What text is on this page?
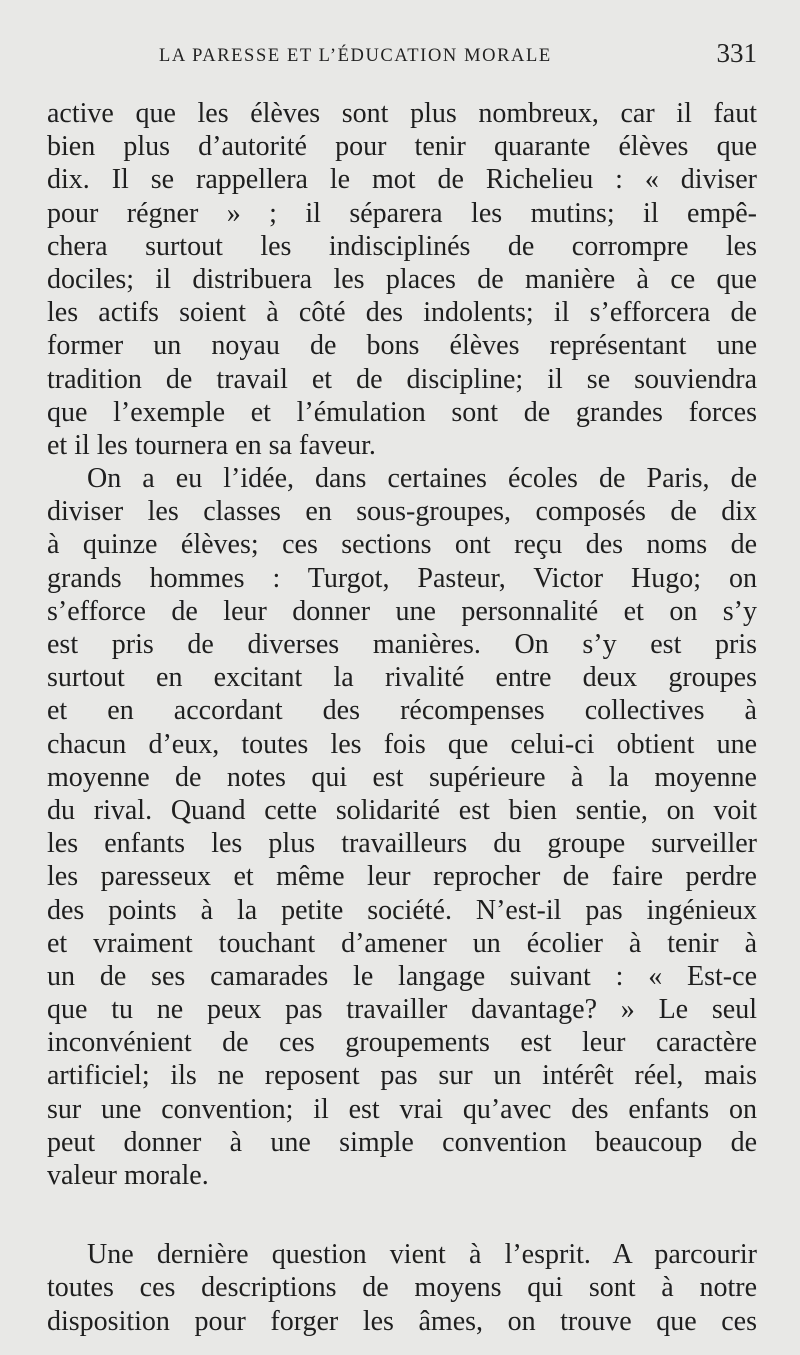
LA PARESSE ET L’ÉDUCATION MORALE	331
active que les élèves sont plus nombreux, car il faut
bien plus d’autorité pour tenir quarante élèves que
dix. Il se rappellera le mot de Richelieu : « diviser
pour régner » ; il séparera les mutins; il empê-
chera surtout les indisciplinés de corrompre les
dociles; il distribuera les places de manière à ce que
les actifs soient à côté des indolents; il s’efforcera de
former un noyau de bons élèves représentant une
tradition de travail et de discipline; il se souviendra
que l’exemple et l’émulation sont de grandes forces
et il les tournera en sa faveur.
On a eu l’idée, dans certaines écoles de Paris, de
diviser les classes en sous-groupes, composés de dix
à quinze élèves; ces sections ont reçu des noms de
grands hommes : Turgot, Pasteur, Victor Hugo; on
s’efforce de leur donner une personnalité et on s’y
est pris de diverses manières. On s’y est pris
surtout en excitant la rivalité entre deux groupes
et en accordant des récompenses collectives à
chacun d’eux, toutes les fois que celui-ci obtient une
moyenne de notes qui est supérieure à la moyenne
du rival. Quand cette solidarité est bien sentie, on voit
les enfants les plus travailleurs du groupe surveiller
les paresseux et même leur reprocher de faire perdre
des points à la petite société. N’est-il pas ingénieux
et vraiment touchant d’amener un écolier à tenir à
un de ses camarades le langage suivant : « Est-ce
que tu ne peux pas travailler davantage? » Le seul
inconvénient de ces groupements est leur caractère
artificiel; ils ne reposent pas sur un intérêt réel, mais
sur une convention; il est vrai qu’avec des enfants on
peut donner à une simple convention beaucoup de
valeur morale.
Une dernière question vient à l’esprit. A parcourir
toutes ces descriptions de moyens qui sont à notre
disposition pour forger les âmes, on trouve que ces
